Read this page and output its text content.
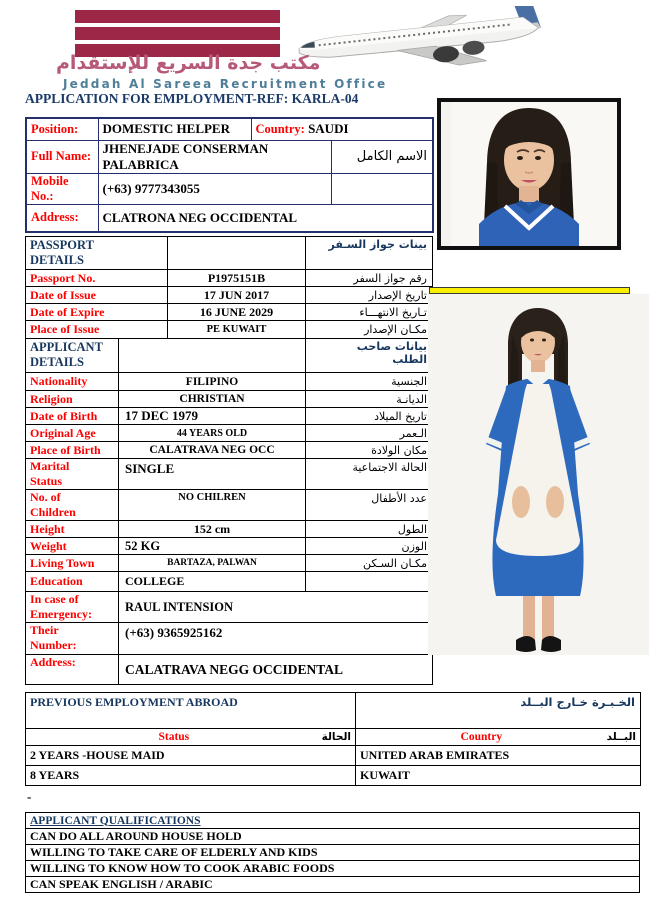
مكتب جدة السريع للإستقدام
Jeddah Al Sareea Recruitment Office
APPLICATION FOR EMPLOYMENT-REF: KARLA-04
Position:	DOMESTIC HELPER	Country: SAUDI	
Full Name:	JHENEJADE CONSERMAN PALABRICA		الاسم الكامل

Mobile No.:	(+63) 9777343055		
Address:	CLATRONA NEG OCCIDENTAL		
PASSPORT DETAILS			بينات جواز السـفر
Passport No.		P1975151B	رقم جواز السفر
Date of Issue		17 JUN 2017	تاريخ الإصدار
Date of Expire		16 JUNE 2029	تـاريخ الانتهـــاء
Place of Issue		PE KUWAIT	مكـان الإصدار

APPLICANT DETAILS			بيانات صاحب الطلب

Nationality	FILIPINO		الجنسية
Religion	CHRISTIAN		الديانـة
Date of Birth	17 DEC 1979		تاريخ الميلاد
Original Age	44 YEARS OLD		الـعمر
Place of Birth	CALATRAVA NEG OCC		مكان الولادة

Marital Status	SINGLE		الحالة الاجتماعية

No. of Children	NO CHILREN		عدد الأطفال
Height	152 cm		الطول
Weight	52 KG		الوزن
Living Town	BARTAZA, PALWAN		مكـان السـكن
Education	COLLEGE		

In case of Emergency:	RAUL INTENSION		

Their Number:	(+63) 9365925162		
Address:	CALATRAVA NEGG OCCIDENTAL		
PREVIOUS EMPLOYMENT ABROAD	الخـبـرة خـارج البــلد

Status الحالة	Country البــلد

2 YEARS -HOUSE MAID	UNITED ARAB EMIRATES
8 YEARS	KUWAIT
-
APPLICANT QUALIFICATIONS
CAN DO ALL AROUND HOUSE HOLD
WILLING TO TAKE CARE OF ELDERLY AND KIDS
WILLING TO KNOW HOW TO COOK ARABIC FOODS
CAN SPEAK ENGLISH / ARABIC
